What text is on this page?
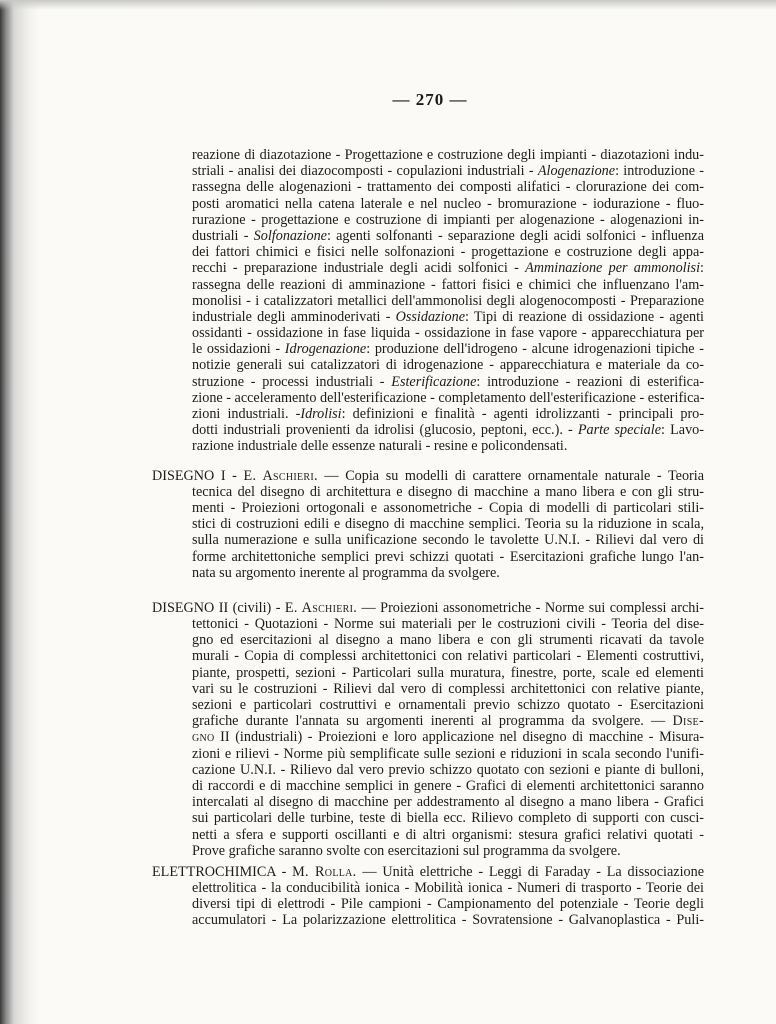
— 270 —
reazione di diazotazione - Progettazione e costruzione degli impianti - diazotazioni indu-
striali - analisi dei diazocomposti - copulazioni industriali - Alogenazione: introduzione -
rassegna delle alogenazioni - trattamento dei composti alifatici - clorurazione dei com-
posti aromatici nella catena laterale e nel nucleo - bromurazione - iodurazione - fluo-
rurazione - progettazione e costruzione di impianti per alogenazione - alogenazioni in-
dustriali - Solfonazione: agenti solfonanti - separazione degli acidi solfonici - influenza
dei fattori chimici e fisici nelle solfonazioni - progettazione e costruzione degli appa-
recchi - preparazione industriale degli acidi solfonici - Amminazione per ammonolisi:
rassegna delle reazioni di amminazione - fattori fisici e chimici che influenzano l'am-
monolisi - i catalizzatori metallici dell'ammonolisi degli alogenocomposti - Preparazione
industriale degli amminoderivati - Ossidazione: Tipi di reazione di ossidazione - agenti
ossidanti - ossidazione in fase liquida - ossidazione in fase vapore - apparecchiatura per
le ossidazioni - Idrogenazione: produzione dell'idrogeno - alcune idrogenazioni tipiche -
notizie generali sui catalizzatori di idrogenazione - apparecchiatura e materiale da co-
struzione - processi industriali - Esterificazione: introduzione - reazioni di esterifica-
zione - acceleramento dell'esterificazione - completamento dell'esterificazione - esterifica-
zioni industriali. -Idrolisi: definizioni e finalità - agenti idrolizzanti - principali pro-
dotti industriali provenienti da idrolisi (glucosio, peptoni, ecc.). - Parte speciale: Lavo-
razione industriale delle essenze naturali - resine e policondensati.
DISEGNO I - E. Aschieri. — Copia su modelli di carattere ornamentale naturale - Teoria
tecnica del disegno di architettura e disegno di macchine a mano libera e con gli stru-
menti - Proiezioni ortogonali e assonometriche - Copia di modelli di particolari stili-
stici di costruzioni edili e disegno di macchine semplici. Teoria su la riduzione in scala,
sulla numerazione e sulla unificazione secondo le tavolette U.N.I. - Rilievi dal vero di
forme architettoniche semplici previ schizzi quotati - Esercitazioni grafiche lungo l'an-
nata su argomento inerente al programma da svolgere.
DISEGNO II (civili) - E. Aschieri. — Proiezioni assonometriche - Norme sui complessi archi-
tettonici - Quotazioni - Norme sui materiali per le costruzioni civili - Teoria del dise-
gno ed esercitazioni al disegno a mano libera e con gli strumenti ricavati da tavole
murali - Copia di complessi architettonici con relativi particolari - Elementi costruttivi,
piante, prospetti, sezioni - Particolari sulla muratura, finestre, porte, scale ed elementi
vari su le costruzioni - Rilievi dal vero di complessi architettonici con relative piante,
sezioni e particolari costruttivi e ornamentali previo schizzo quotato - Esercitazioni
grafiche durante l'annata su argomenti inerenti al programma da svolgere. — Dise-
gno II (industriali) - Proiezioni e loro applicazione nel disegno di macchine - Misura-
zioni e rilievi - Norme più semplificate sulle sezioni e riduzioni in scala secondo l'unifi-
cazione U.N.I. - Rilievo dal vero previo schizzo quotato con sezioni e piante di bulloni,
di raccordi e di macchine semplici in genere - Grafici di elementi architettonici saranno
intercalati al disegno di macchine per addestramento al disegno a mano libera - Grafici
sui particolari delle turbine, teste di biella ecc. Rilievo completo di supporti con cusci-
netti a sfera e supporti oscillanti e di altri organismi: stesura grafici relativi quotati -
Prove grafiche saranno svolte con esercitazioni sul programma da svolgere.
ELETTROCHIMICA - M. Rolla. — Unità elettriche - Leggi di Faraday - La dissociazione
elettrolitica - la conducibilità ionica - Mobilità ionica - Numeri di trasporto - Teorie dei
diversi tipi di elettrodi - Pile campioni - Campionamento del potenziale - Teorie degli
accumulatori - La polarizzazione elettrolitica - Sovratensione - Galvanoplastica - Puli-
